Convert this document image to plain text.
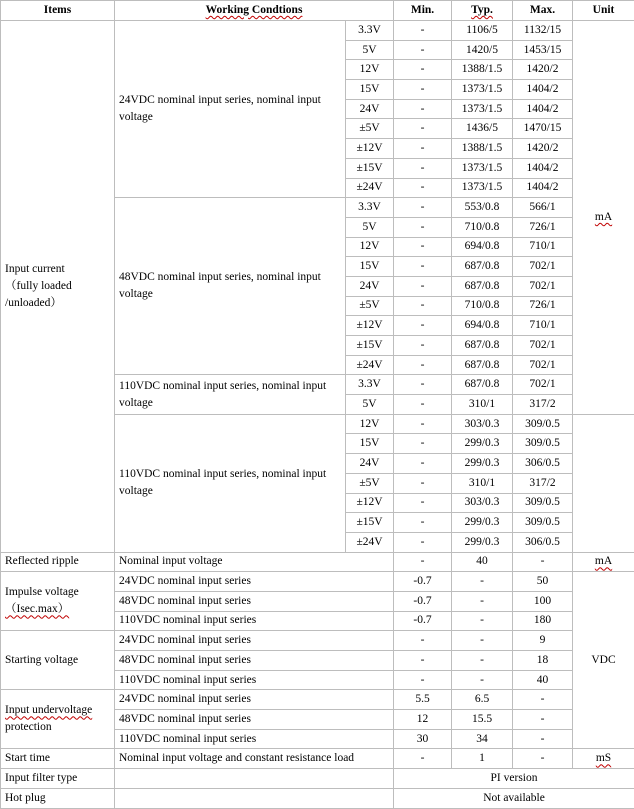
Items	Working Condtions		Min.	Typ.	Max.	Unit
Input current
（fully loaded
/unloaded）	24VDC nominal input series, nominal input voltage	3.3V	-	1106/5	1132/15	mA
		5V	-	1420/5	1453/15	
		12V	-	1388/1.5	1420/2	
		15V	-	1373/1.5	1404/2	
		24V	-	1373/1.5	1404/2	
		±5V	-	1436/5	1470/15	
		±12V	-	1388/1.5	1420/2	
		±15V	-	1373/1.5	1404/2	
		±24V	-	1373/1.5	1404/2	
	48VDC nominal input series, nominal input voltage	3.3V	-	553/0.8	566/1	
		5V	-	710/0.8	726/1	
		12V	-	694/0.8	710/1	
		15V	-	687/0.8	702/1	
		24V	-	687/0.8	702/1	
		±5V	-	710/0.8	726/1	
		±12V	-	694/0.8	710/1	
		±15V	-	687/0.8	702/1	
		±24V	-	687/0.8	702/1	
	110VDC nominal input series, nominal input voltage	3.3V	-	687/0.8	702/1	
		5V	-	310/1	317/2	
	110VDC nominal input series, nominal input voltage	12V	-	303/0.3	309/0.5	
		15V	-	299/0.3	309/0.5	
		24V	-	299/0.3	306/0.5	
		±5V	-	310/1	317/2	
		±12V	-	303/0.3	309/0.5	
		±15V	-	299/0.3	309/0.5	
		±24V	-	299/0.3	306/0.5	
Reflected ripple	Nominal input voltage		-	40	-	mA
Impulse voltage
（Isec.max）	24VDC nominal input series		-0.7	-	50	VDC
	48VDC nominal input series		-0.7	-	100	
	110VDC nominal input series		-0.7	-	180	
Starting voltage	24VDC nominal input series		-	-	9	
	48VDC nominal input series		-	-	18	
	110VDC nominal input series		-	-	40	
Input undervoltage
protection	24VDC nominal input series		5.5	6.5	-	
	48VDC nominal input series		12	15.5	-	
	110VDC nominal input series		30	34	-	
Start time	Nominal input voltage and constant resistance load		-	1	-	mS
Input filter type			PI version			
Hot plug			Not available			
